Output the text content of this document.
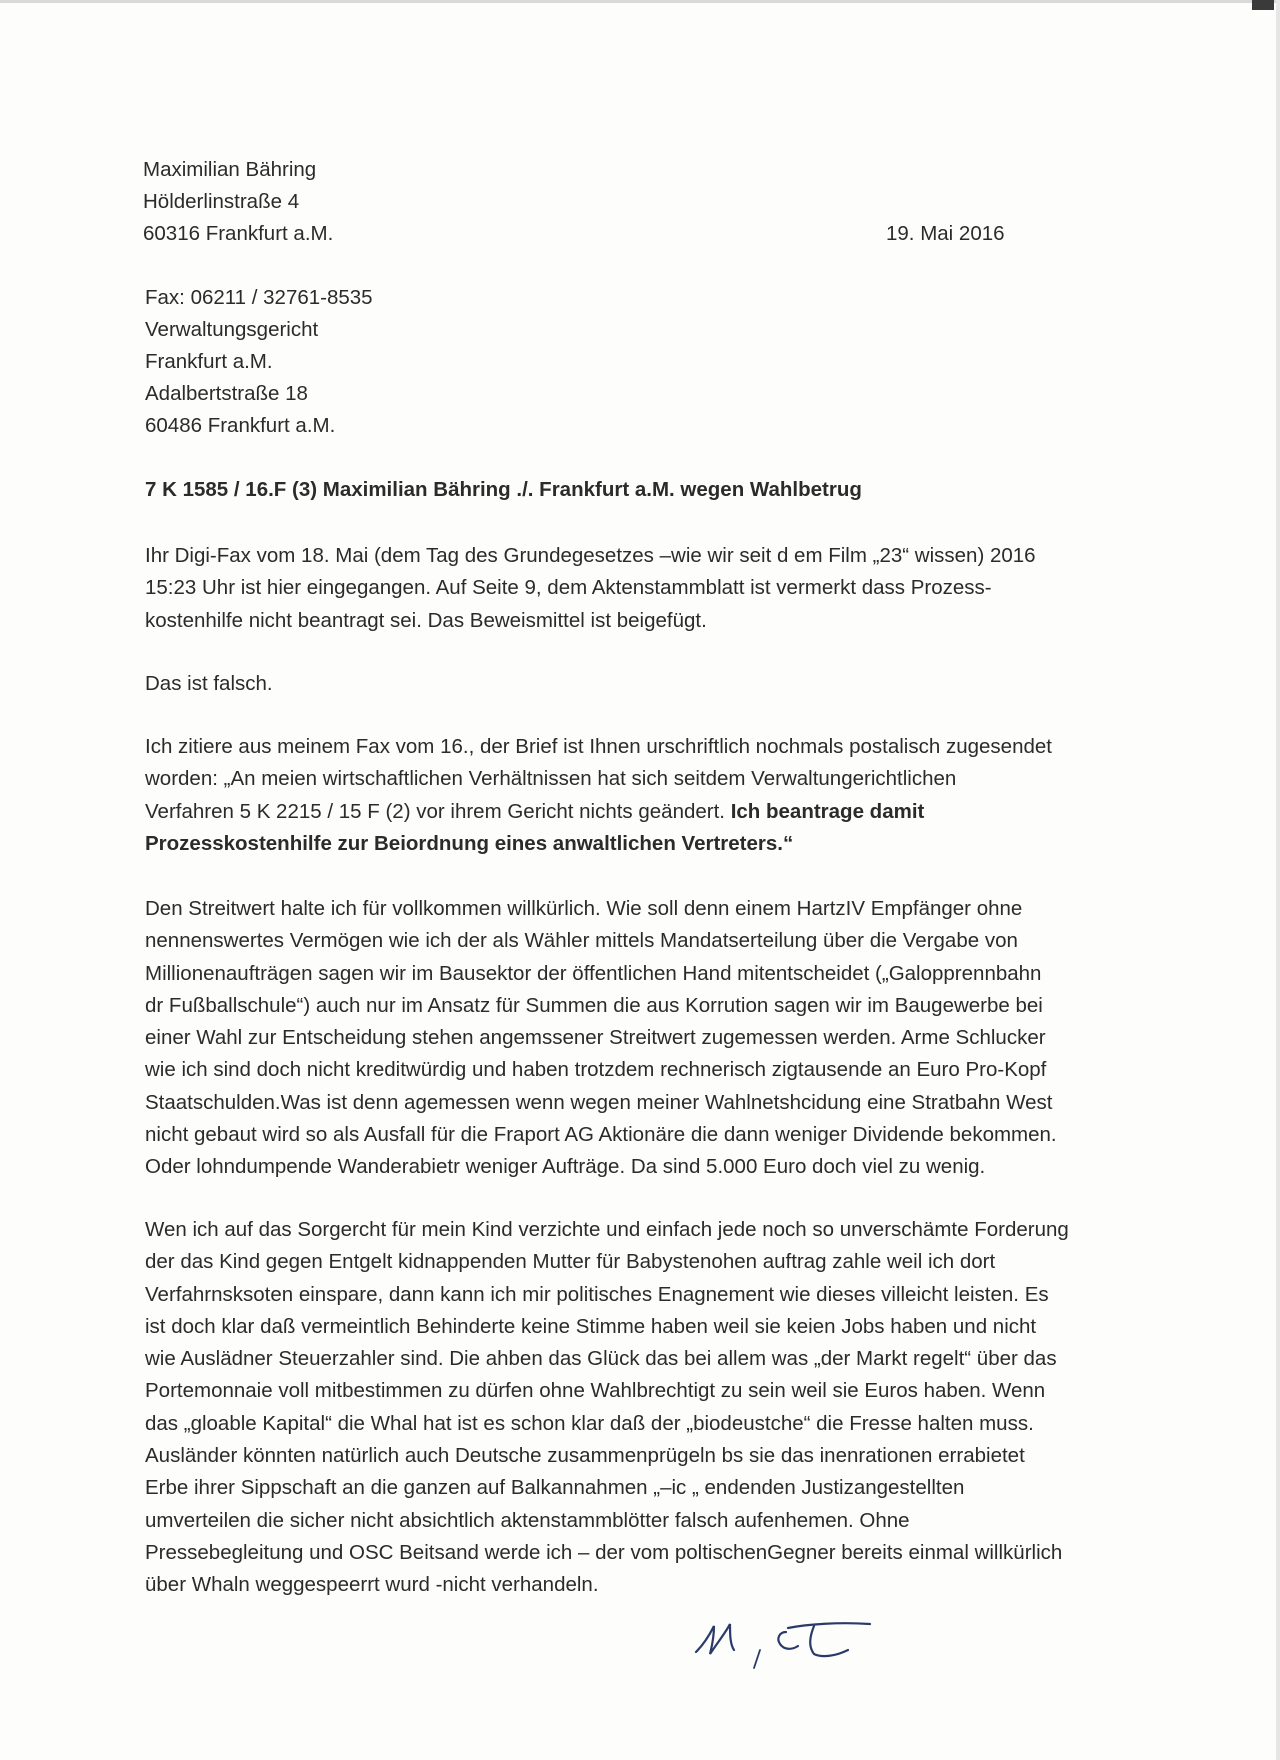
Maximilian Bähring
Hölderlinstraße 4
60316 Frankfurt a.M.	19. Mai 2016
Fax: 06211 / 32761-8535
Verwaltungsgericht
Frankfurt a.M.
Adalbertstraße 18
60486 Frankfurt a.M.
7 K 1585 / 16.F (3) Maximilian Bähring ./. Frankfurt a.M. wegen Wahlbetrug
Ihr Digi-Fax vom 18. Mai (dem Tag des Grundegesetzes –wie wir seit d em Film „23“ wissen) 2016
15:23 Uhr ist hier eingegangen. Auf Seite 9, dem Aktenstammblatt ist vermerkt dass Prozess-
kostenhilfe nicht beantragt sei. Das Beweismittel ist beigefügt.
Das ist falsch.
Ich zitiere aus meinem Fax vom 16., der Brief ist Ihnen urschriftlich nochmals postalisch zugesendet
worden: „An meien wirtschaftlichen Verhältnissen hat sich seitdem Verwaltungerichtlichen
Verfahren 5 K 2215 / 15 F (2) vor ihrem Gericht nichts geändert. Ich beantrage damit
Prozesskostenhilfe zur Beiordnung eines anwaltlichen Vertreters.“
Den Streitwert halte ich für vollkommen willkürlich. Wie soll denn einem HartzIV Empfänger ohne
nennenswertes Vermögen wie ich der als Wähler mittels Mandatserteilung über die Vergabe von
Millionenaufträgen sagen wir im Bausektor der öffentlichen Hand mitentscheidet („Galopprennbahn
dr Fußballschule“) auch nur im Ansatz für Summen die aus Korrution sagen wir im Baugewerbe bei
einer Wahl zur Entscheidung stehen angemssener Streitwert zugemessen werden. Arme Schlucker
wie ich sind doch nicht kreditwürdig und haben trotzdem rechnerisch zigtausende an Euro Pro-Kopf
Staatschulden.Was ist denn agemessen wenn wegen meiner Wahlnetshcidung eine Stratbahn West
nicht gebaut wird so als Ausfall für die Fraport AG Aktionäre die dann weniger Dividende bekommen.
Oder lohndumpende Wanderabietr weniger Aufträge. Da sind 5.000 Euro doch viel zu wenig.
Wen ich auf das Sorgercht für mein Kind verzichte und einfach jede noch so unverschämte Forderung
der das Kind gegen Entgelt kidnappenden Mutter für Babystenohen auftrag zahle weil ich dort
Verfahrnsksoten einspare, dann kann ich mir politisches Enagnement wie dieses villeicht leisten. Es
ist doch klar daß vermeintlich Behinderte keine Stimme haben weil sie keien Jobs haben und nicht
wie Auslädner Steuerzahler sind. Die ahben das Glück das bei allem was „der Markt regelt“ über das
Portemonnaie voll mitbestimmen zu dürfen ohne Wahlbrechtigt zu sein weil sie Euros haben. Wenn
das „gloable Kapital“ die Whal hat ist es schon klar daß der „biodeustche“ die Fresse halten muss.
Ausländer könnten natürlich auch Deutsche zusammenprügeln bs sie das inenrationen errabietet
Erbe ihrer Sippschaft an die ganzen auf Balkannahmen „–ic „ endenden Justizangestellten
umverteilen die sicher nicht absichtlich aktenstammblötter falsch aufenhemen. Ohne
Pressebegleitung und OSC Beitsand werde ich – der vom poltischenGegner bereits einmal willkürlich
über Whaln weggespeerrt wurd -nicht verhandeln.
